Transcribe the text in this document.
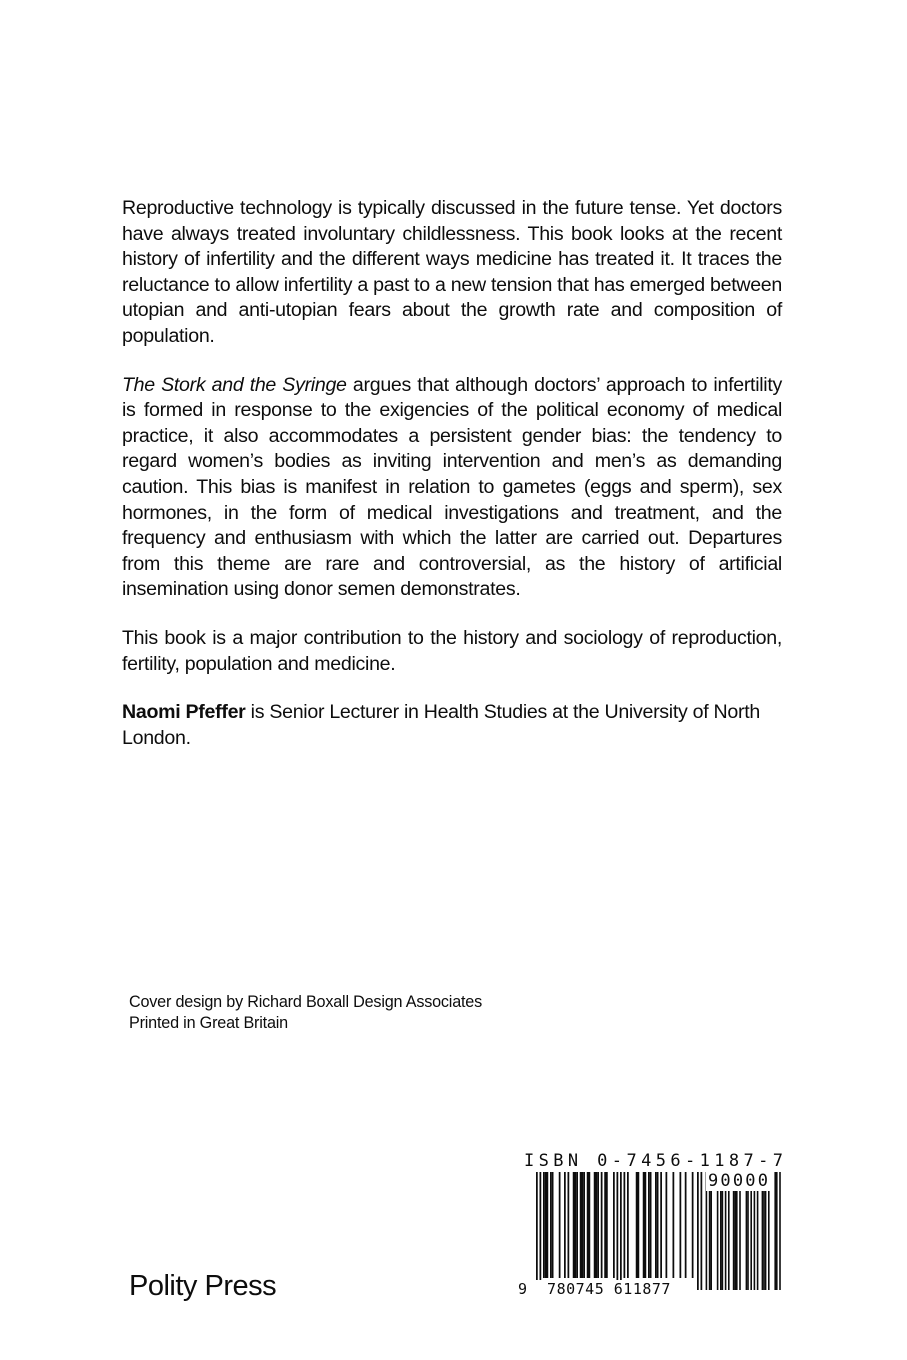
Reproductive technology is typically discussed in the future tense. Yet doctors have always treated involuntary childlessness. This book looks at the recent history of infertility and the different ways medicine has treated it. It traces the reluctance to allow infertility a past to a new tension that has emerged between utopian and anti-utopian fears about the growth rate and composition of population.

The Stork and the Syringe argues that although doctors’ approach to infertility is formed in response to the exigencies of the political economy of medical practice, it also accommodates a persistent gender bias: the tendency to regard women’s bodies as inviting intervention and men’s as demanding caution. This bias is manifest in relation to gametes (eggs and sperm), sex hormones, in the form of medical investigations and treatment, and the frequency and enthusiasm with which the latter are carried out. Departures from this theme are rare and controversial, as the history of artificial insemination using donor semen demonstrates.

This book is a major contribution to the history and sociology of reproduction, fertility, population and medicine.

Naomi Pfeffer is Senior Lecturer in Health Studies at the University of North London.

Cover design by Richard Boxall Design Associates
Printed in Great Britain
Polity Press
ISBN 0-7456-1187-7
90000
9	780745 611877
